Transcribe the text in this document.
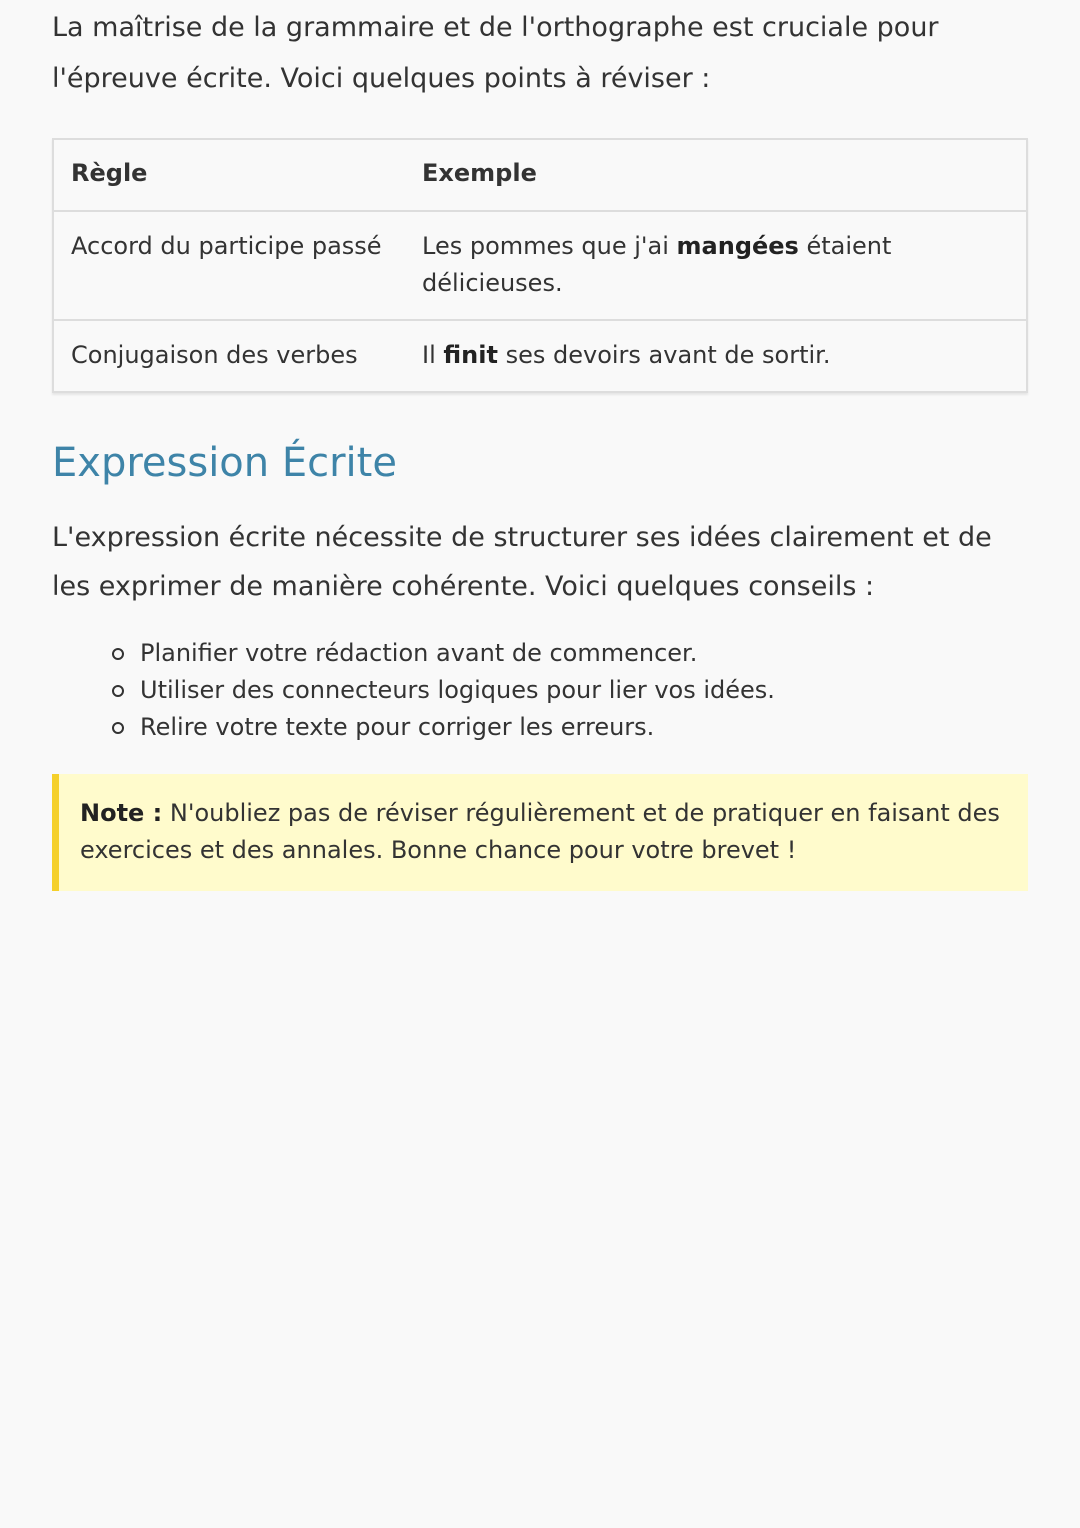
La maîtrise de la grammaire et de l'orthographe est cruciale pour l'épreuve écrite. Voici quelques points à réviser :

Règle	Exemple
Accord du participe passé	Les pommes que j'ai mangées étaient délicieuses.
Conjugaison des verbes	Il finit ses devoirs avant de sortir.
Expression Écrite

L'expression écrite nécessite de structurer ses idées clairement et de les exprimer de manière cohérente. Voici quelques conseils :

Planifier votre rédaction avant de commencer.
Utiliser des connecteurs logiques pour lier vos idées.
Relire votre texte pour corriger les erreurs.
Note : N'oubliez pas de réviser régulièrement et de pratiquer en faisant des exercices et des annales. Bonne chance pour votre brevet !
